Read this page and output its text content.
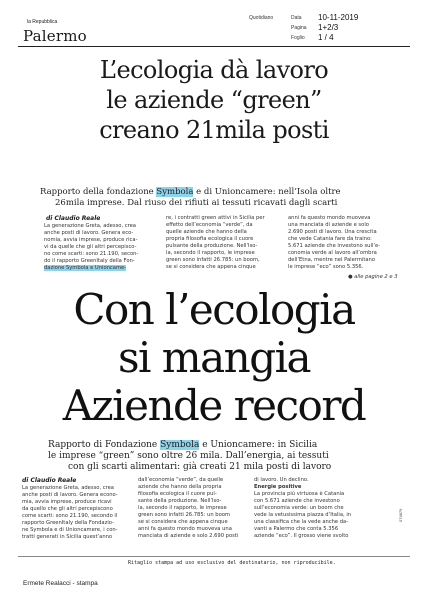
la Repubblica
Palermo
Quotidiano	Data 10-11-2019
Pagina 1+2/3
Foglio 1 / 4
L’ecologia dà lavoro
le aziende “green”
creano 21mila posti
Rapporto della fondazione Symbola e di Unioncamere: nell’Isola oltre
26mila imprese. Dal riuso dei rifiuti ai tessuti ricavati dagli scarti
di Claudio Reale
La generazione Greta, adesso, crea
anche posti di lavoro. Genera eco-
nomia, avvia imprese, produce rica-
vi da quelle che gli altri percepisco-
no come scarti: sono 21.190, secon-
do il rapporto GreenItaly della Fon-
dazione Symbola e Unioncame-
re, i contratti green attivi in Sicilia per
effetto dell’economia “verde”, da
quelle aziende che hanno della
propria filosofia ecologica il cuore
pulsante della produzione. Nell’Iso-
la, secondo il rapporto, le imprese
green sono infatti 26.785: un boom,
se si considera che appena cinque
anni fa questo mondo muoveva
una manciata di aziende e solo
2.690 posti di lavoro. Una crescita
che vede Catania fare da traino:
5.671 aziende che investono sull’e-
conomia verde al lavoro all’ombra
dell’Etna, mentre nel Palermitano
le imprese “eco” sono 5.356.
● alle pagine 2 e 3
Con l’ecologia
si mangia
Aziende record
Rapporto di Fondazione Symbola e Unioncamere: in Sicilia
le imprese “green” sono oltre 26 mila. Dall’energia, ai tessuti
con gli scarti alimentari: già creati 21 mila posti di lavoro
di Claudio Reale
La generazione Greta, adesso, crea
anche posti di lavoro. Genera econo-
mia, avvia imprese, produce ricavi
da quello che gli altri percepiscono
come scarti: sono 21.190, secondo il
rapporto GreenItaly della Fondazio-
ne Symbola e di Unioncamere, i con-
tratti generati in Sicilia quest’anno
dall’economia “verde”, da quelle
aziende che hanno della propria
filosofia ecologica il cuore pul-
sante della produzione. Nell’Iso-
la, secondo il rapporto, le imprese
green sono infatti 26.785: un boom
se si considera che appena cinque
anni fa questo mondo muoveva una
manciata di aziende e solo 2.690 posti
di lavoro. Un declino.
Energie positive
La provincia più virtuosa è Catania
con 5.671 aziende che investono
sull’economia verde: un boom che
vede la vetusissima piazza d’Italia, in
una classifica che la vede anche da-
vanti a Palermo che conta 5.356
aziende “eco”. Il grosso viene svolto
074879
Ritaglio stampa ad uso esclusivo del destinatario, non riproducibile.
Ermete Realacci - stampa
